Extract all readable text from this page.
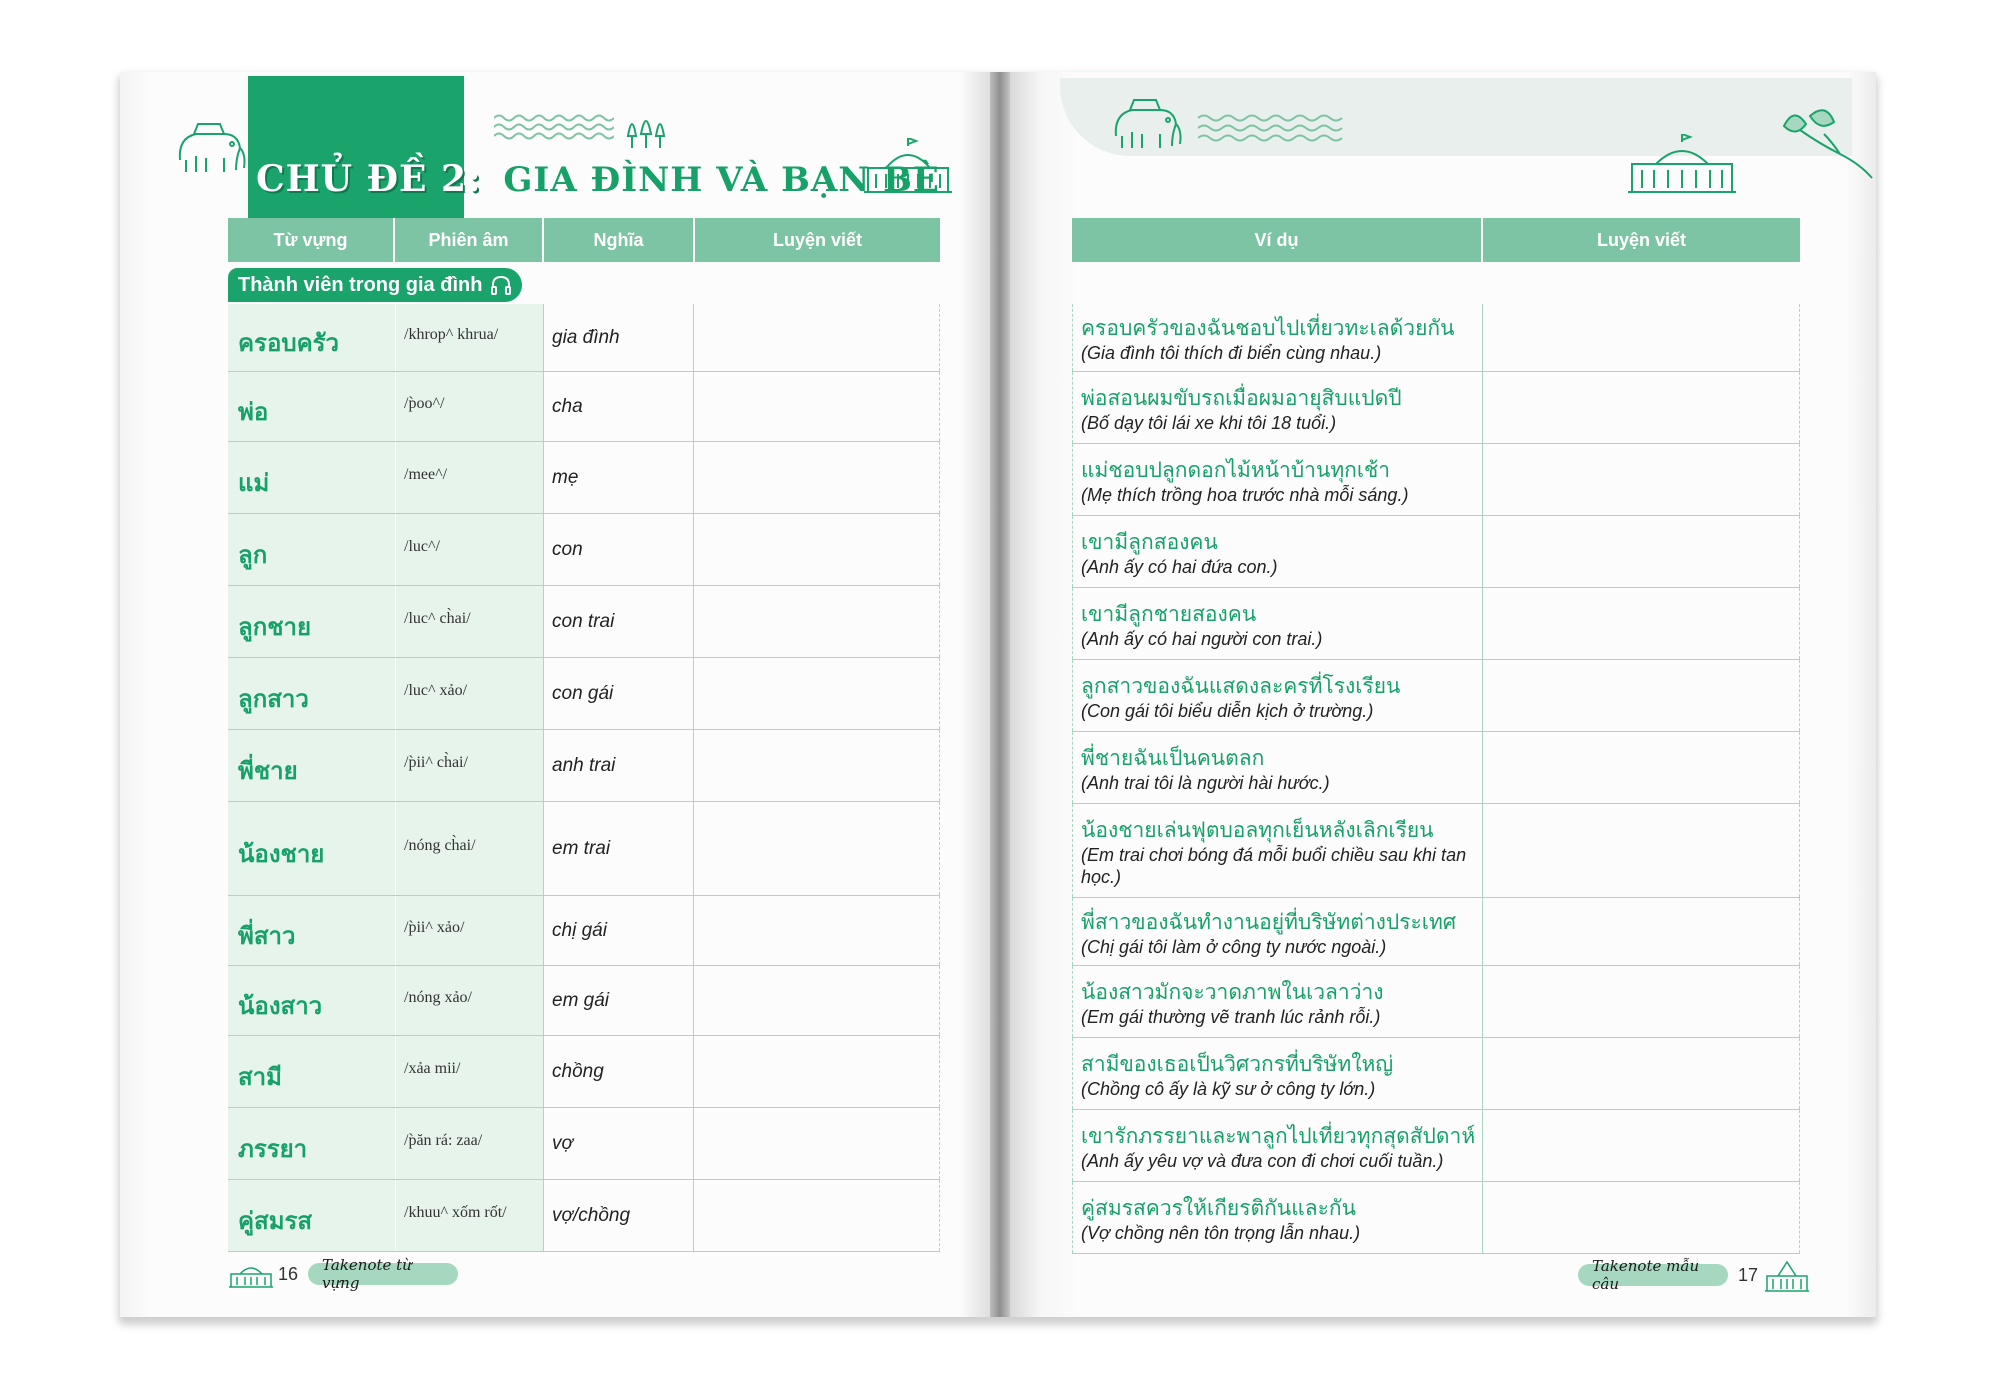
CHỦ ĐỀ 2: GIA ĐÌNH VÀ BẠN BÈ
Từ vựng	Phiên âm	Nghĩa	Luyện viết
Thành viên trong gia đình
ครอบครัว	/khrop^ khrua/	gia đình
พ่อ	/p̀oo^/	cha
แม่	/mee^/	mẹ
ลูก	/luc^/	con
ลูกชาย	/luc^ ch̀ai/	con trai
ลูกสาว	/luc^ xảo/	con gái
พี่ชาย	/p̀ii^ ch̀ai/	anh trai
น้องชาย	/nóng ch̀ai/	em trai
พี่สาว	/p̀ii^ xảo/	chị gái
น้องสาว	/nóng xảo/	em gái
สามี	/xảa mii/	chồng
ภรรยา	/p̀ăn rá: zaa/	vợ
คู่สมรส	/khuu^ xốm rốt/	vợ/chồng
16	Takenote từ vựng
Ví dụ	Luyện viết
ครอบครัวของฉันชอบไปเที่ยวทะเลด้วยกัน
(Gia đình tôi thích đi biển cùng nhau.)
พ่อสอนผมขับรถเมื่อผมอายุสิบแปดปี
(Bố dạy tôi lái xe khi tôi 18 tuổi.)
แม่ชอบปลูกดอกไม้หน้าบ้านทุกเช้า
(Mẹ thích trồng hoa trước nhà mỗi sáng.)
เขามีลูกสองคน
(Anh ấy có hai đứa con.)
เขามีลูกชายสองคน
(Anh ấy có hai người con trai.)
ลูกสาวของฉันแสดงละครที่โรงเรียน
(Con gái tôi biểu diễn kịch ở trường.)
พี่ชายฉันเป็นคนตลก
(Anh trai tôi là người hài hước.)
น้องชายเล่นฟุตบอลทุกเย็นหลังเลิกเรียน
(Em trai chơi bóng đá mỗi buổi chiều sau khi tan học.)
พี่สาวของฉันทำงานอยู่ที่บริษัทต่างประเทศ
(Chị gái tôi làm ở công ty nước ngoài.)
น้องสาวมักจะวาดภาพในเวลาว่าง
(Em gái thường vẽ tranh lúc rảnh rỗi.)
สามีของเธอเป็นวิศวกรที่บริษัทใหญ่
(Chồng cô ấy là kỹ sư ở công ty lớn.)
เขารักภรรยาและพาลูกไปเที่ยวทุกสุดสัปดาห์
(Anh ấy yêu vợ và đưa con đi chơi cuối tuần.)
คู่สมรสควรให้เกียรติกันและกัน
(Vợ chồng nên tôn trọng lẫn nhau.)
Takenote mẫu câu	17
